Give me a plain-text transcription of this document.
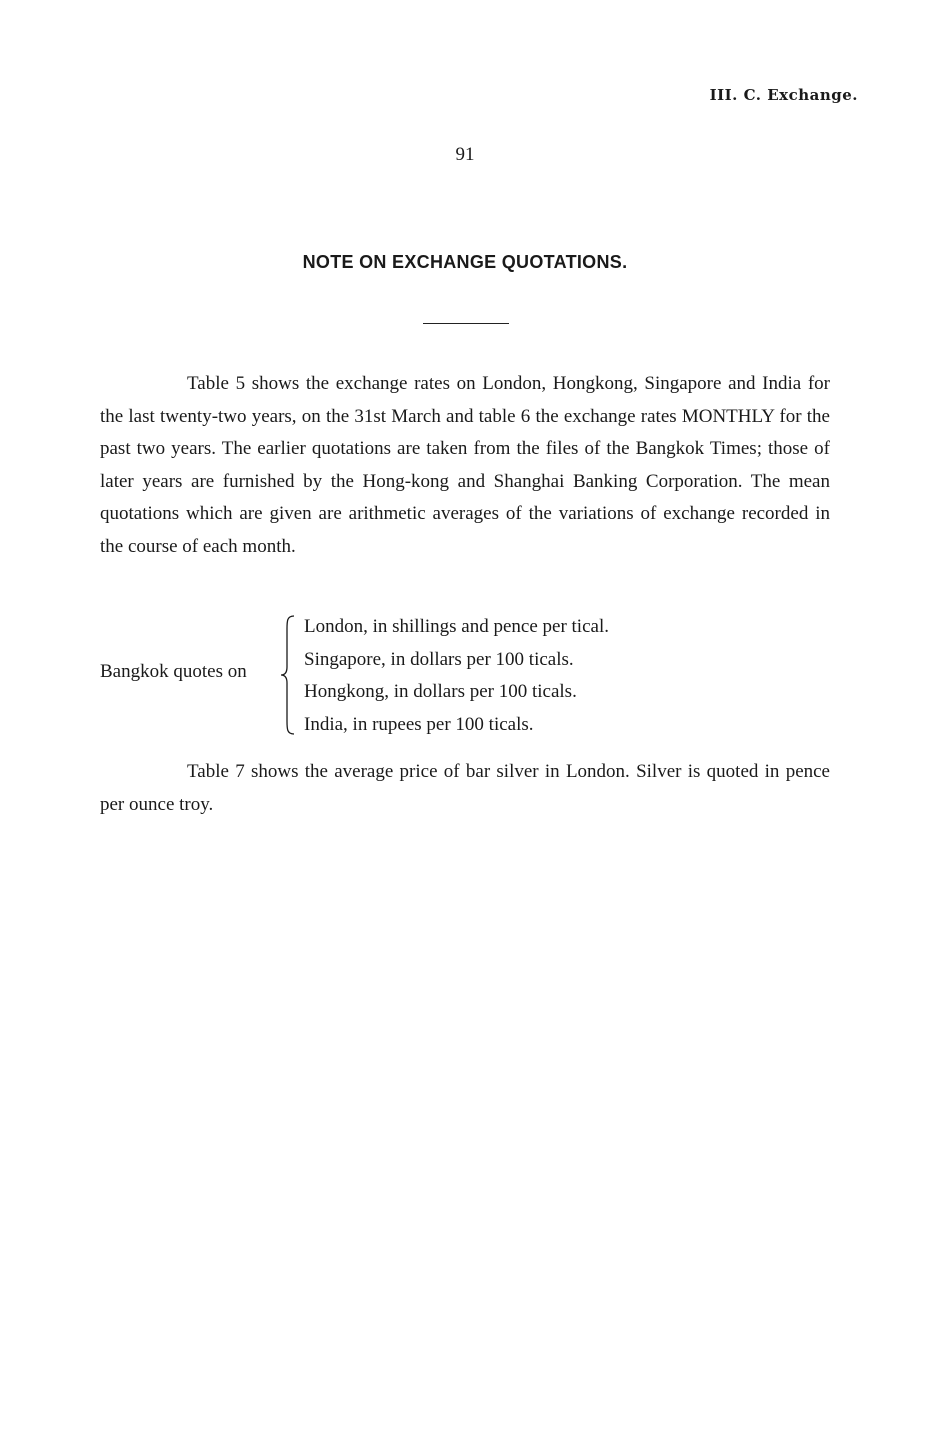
III. C. Exchange.
91
NOTE ON EXCHANGE QUOTATIONS.

Table 5 shows the exchange rates on London, Hongkong, Singapore and India for the last twenty-two years, on the 31st March and table 6 the exchange rates MONTHLY for the past two years. The earlier quotations are taken from the files of the Bangkok Times; those of later years are furnished by the Hong-kong and Shanghai Banking Corporation. The mean quotations which are given are arithmetic averages of the variations of exchange recorded in the course of each month.

Bangkok quotes on
London, in shillings and pence per tical.
Singapore, in dollars per 100 ticals.
Hongkong, in dollars per 100 ticals.
India, in rupees per 100 ticals.

Table 7 shows the average price of bar silver in London. Silver is quoted in pence per ounce troy.
